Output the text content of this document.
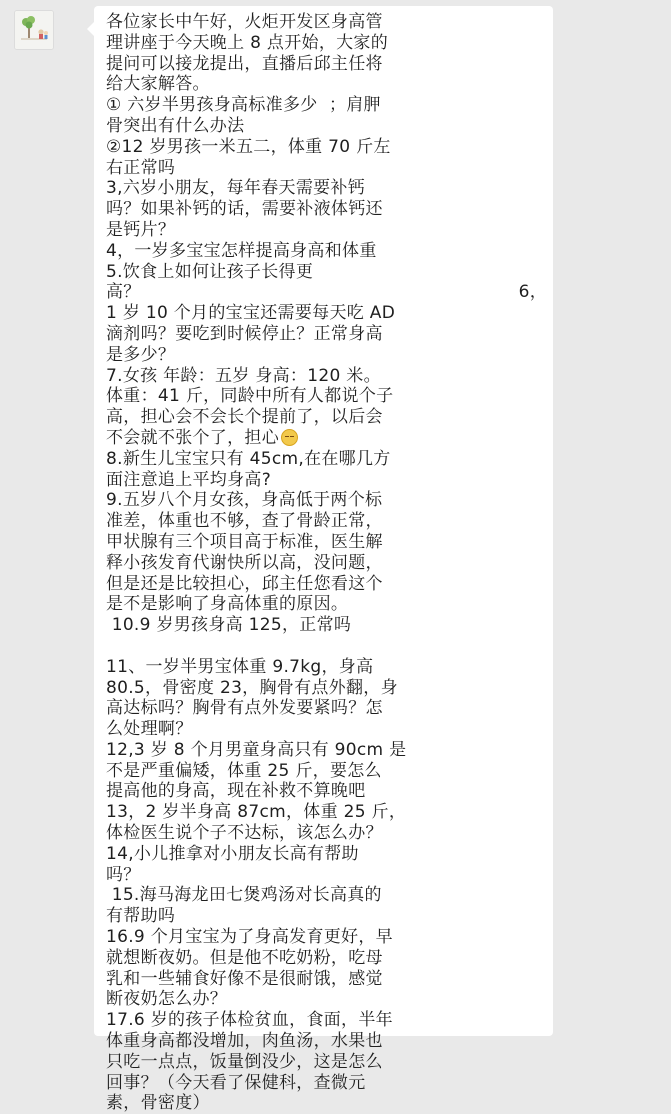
各位家长中午好，火炬开发区身高管
理讲座于今天晚上 8 点开始，大家的
提问可以接龙提出，直播后邱主任将
给大家解答。
① 六岁半男孩身高标准多少  ；肩胛
骨突出有什么办法
②12 岁男孩一米五二，体重 70 斤左
右正常吗
3,六岁小朋友，每年春天需要补钙
吗？如果补钙的话，需要补液体钙还
是钙片？
4，一岁多宝宝怎样提高身高和体重
5.饮食上如何让孩子长得更
高？	6，
1 岁 10 个月的宝宝还需要每天吃 AD
滴剂吗？要吃到时候停止？正常身高
是多少？
7.女孩 年龄：五岁 身高：120 米。
体重：41 斤，同龄中所有人都说个子
高，担心会不会长个提前了，以后会
不会就不张个了，担心
8.新生儿宝宝只有 45cm,在在哪几方
面注意追上平均身高?
9.五岁八个月女孩，身高低于两个标
准差，体重也不够，查了骨龄正常，
甲状腺有三个项目高于标准，医生解
释小孩发育代谢快所以高，没问题，
但是还是比较担心，邱主任您看这个
是不是影响了身高体重的原因。
10.9 岁男孩身高 125，正常吗
11、一岁半男宝体重 9.7kg，身高
80.5，骨密度 23，胸骨有点外翻，身
高达标吗？胸骨有点外发要紧吗？怎
么处理啊？
12,3 岁 8 个月男童身高只有 90cm 是
不是严重偏矮，体重 25 斤，要怎么
提高他的身高，现在补救不算晚吧
13，2 岁半身高 87cm，体重 25 斤，
体检医生说个子不达标，该怎么办？
14,小儿推拿对小朋友长高有帮助
吗？
15.海马海龙田七煲鸡汤对长高真的
有帮助吗
16.9 个月宝宝为了身高发育更好，早
就想断夜奶。但是他不吃奶粉，吃母
乳和一些辅食好像不是很耐饿，感觉
断夜奶怎么办？
17.6 岁的孩子体检贫血，食面，半年
体重身高都没增加，肉鱼汤，水果也
只吃一点点，饭量倒没少，这是怎么
回事？（今天看了保健科，查微元
素，骨密度）
